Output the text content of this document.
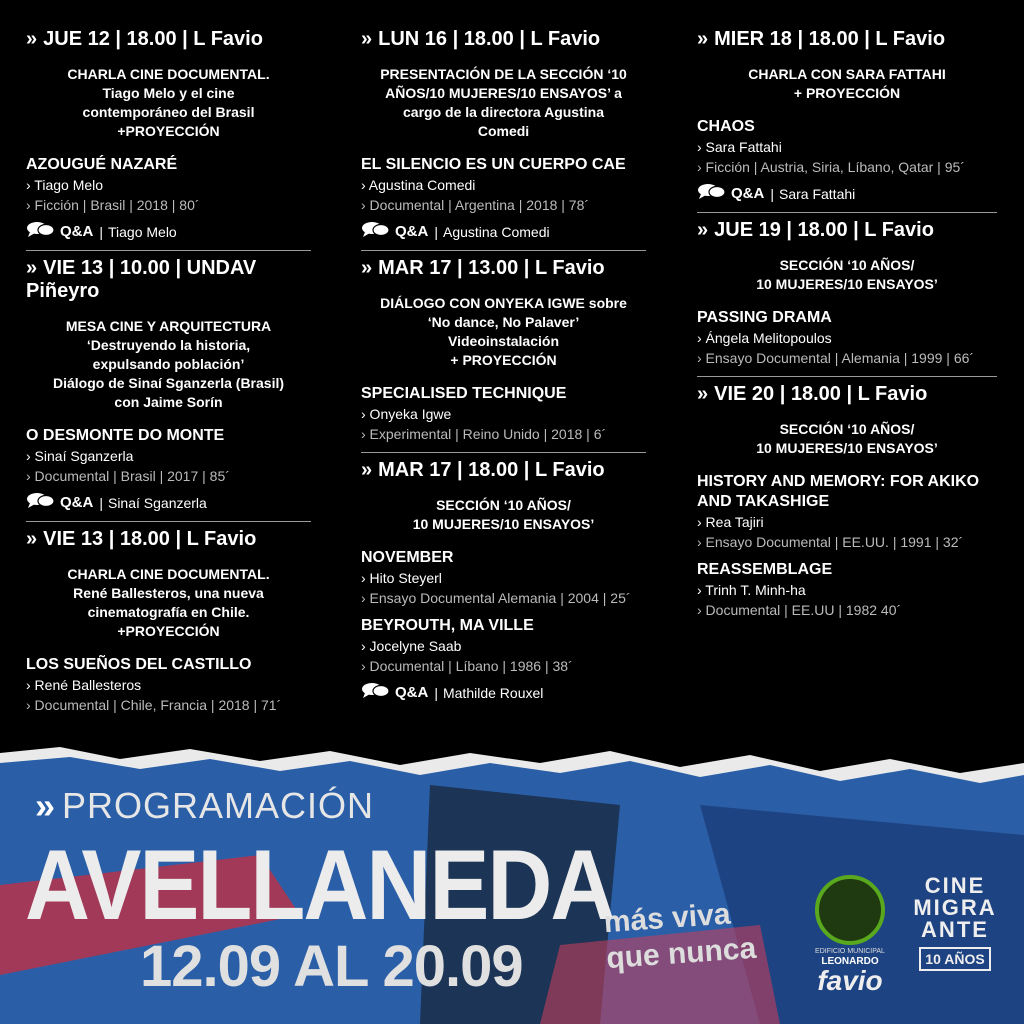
» JUE 12 | 18.00 | L Favio
CHARLA CINE DOCUMENTAL.
Tiago Melo y el cine
contemporáneo del Brasil
+PROYECCIÓN
AZOUGUÉ NAZARÉ
› Tiago Melo
› Ficción | Brasil | 2018 | 80´
Q&A | Tiago Melo
» VIE 13 | 10.00 | UNDAV
Piñeyro
MESA CINE Y ARQUITECTURA
‘Destruyendo la historia,
expulsando población’
Diálogo de Sinaí Sganzerla (Brasil)
con Jaime Sorín
O DESMONTE DO MONTE
› Sinaí Sganzerla
› Documental | Brasil | 2017 | 85´
Q&A | Sinaí Sganzerla
» VIE 13 | 18.00 | L Favio
CHARLA CINE DOCUMENTAL.
René Ballesteros, una nueva
cinematografía en Chile.
+PROYECCIÓN
LOS SUEÑOS DEL CASTILLO
› René Ballesteros
› Documental | Chile, Francia | 2018 | 71´
» LUN 16 | 18.00 | L Favio
PRESENTACIÓN DE LA SECCIÓN ‘10
AÑOS/10 MUJERES/10 ENSAYOS’ a
cargo de la directora Agustina
Comedi
EL SILENCIO ES UN CUERPO CAE
› Agustina Comedi
› Documental | Argentina | 2018 | 78´
Q&A | Agustina Comedi
» MAR 17 | 13.00 | L Favio
DIÁLOGO CON ONYEKA IGWE sobre
‘No dance, No Palaver’
Videoinstalación
+ PROYECCIÓN
SPECIALISED TECHNIQUE
› Onyeka Igwe
› Experimental | Reino Unido | 2018 | 6´
» MAR 17 | 18.00 | L Favio
SECCIÓN ‘10 AÑOS/
10 MUJERES/10 ENSAYOS’
NOVEMBER
› Hito Steyerl
› Ensayo Documental Alemania | 2004 | 25´
BEYROUTH, MA VILLE
› Jocelyne Saab
› Documental | Líbano | 1986 | 38´
Q&A | Mathilde Rouxel
» MIER 18 | 18.00 | L Favio
CHARLA CON SARA FATTAHI
+ PROYECCIÓN
CHAOS
› Sara Fattahi
› Ficción | Austria, Siria, Líbano, Qatar | 95´
Q&A | Sara Fattahi
» JUE 19 | 18.00 | L Favio
SECCIÓN ‘10 AÑOS/
10 MUJERES/10 ENSAYOS’
PASSING DRAMA
› Ángela Melitopoulos
› Ensayo Documental | Alemania | 1999 | 66´
» VIE 20 | 18.00 | L Favio
SECCIÓN ‘10 AÑOS/
10 MUJERES/10 ENSAYOS’
HISTORY AND MEMORY: FOR AKIKO AND TAKASHIGE
› Rea Tajiri
› Ensayo Documental | EE.UU. | 1991 | 32´
REASSEMBLAGE
› Trinh T. Minh-ha
› Documental | EE.UU | 1982 40´
» PROGRAMACIÓN
AVELLANEDA
12.09 AL 20.09
más viva
que nunca	EDIFICIO MUNICIPAL
LEONARDO
favio
CINE
MIGRA
ANTE
10 AÑOS
